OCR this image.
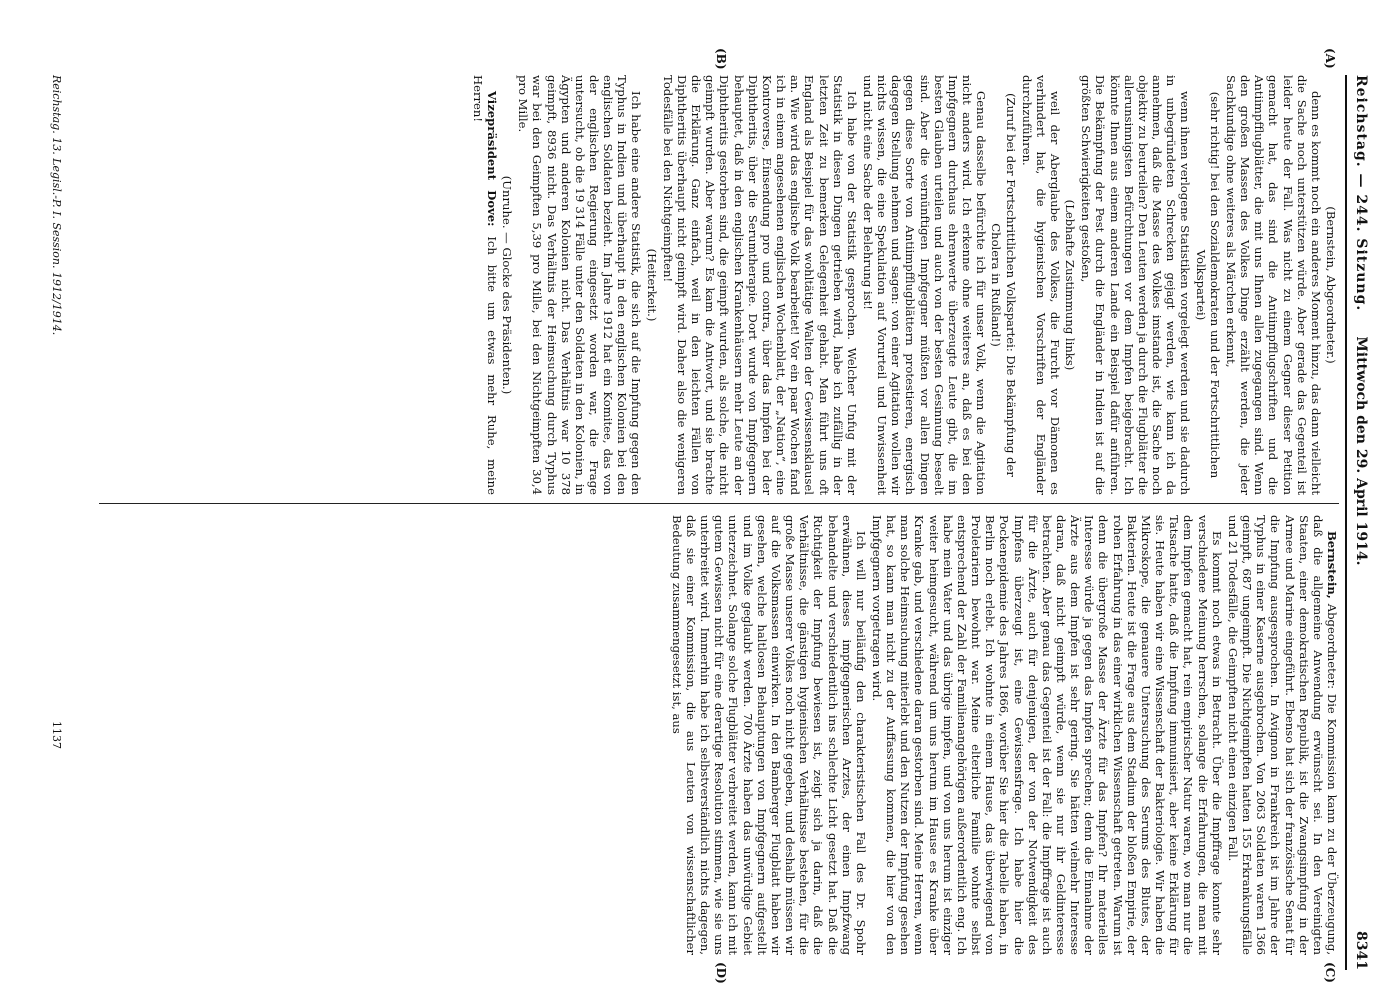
Reichstag. — 244. Sitzung.
Mittwoch den 29. April 1914.                                                                           8341
(A)
(B)
(C)
(D)

(Bernstein, Abgeordneter.)

denn es kommt noch ein anderes Moment hinzu, das dann vielleicht die Sache noch unterstützen würde. Aber gerade das Gegenteil ist leider heute der Fall. Was nicht zu einem Gegner dieser Petition gemacht hat, das sind die Antiimpfflugschriften und die Antiimpfflugblätter, die mit uns Ihnen allen zugegangen sind. Wenn den großen Massen des Volkes Dinge erzählt werden, die jeder Sachkundige ohne weiteres als Märchen erkennt,

(sehr richtig! bei den Sozialdemokraten und der Fortschrittlichen Volkspartei)

wenn ihnen verlogene Statistiken vorgelegt werden und sie dadurch in unbegründeten Schrecken gejagt werden, wie kann ich da annehmen, daß die Masse des Volkes imstande ist, die Sache noch objektiv zu beurteilen? Den Leuten werden ja durch die Flugblätter die allerunsinnigsten Befürchtungen vor dem Impfen beigebracht. Ich könnte Ihnen aus einem anderen Lande ein Beispiel dafür anführen. Die Bekämpfung der Pest durch die Engländer in Indien ist auf die größten Schwierigkeiten gestoßen,

(Lebhafte Zustimmung links)

weil der Aberglaube des Volkes, die Furcht vor Dämonen es verhindert hat, die hygienischen Vorschriften der Engländer durchzuführen.

(Zuruf bei der Fortschrittlichen Volkspartei: Die Bekämpfung der Cholera in Rußland!)

Genau dasselbe befürchte ich für unser Volk, wenn die Agitation nicht anders wird. Ich erkenne ohne weiteres an, daß es bei den Impfgegnern durchaus ehrenwerte überzeugte Leute gibt, die im besten Glauben urteilen und auch von der besten Gesinnung beseelt sind. Aber die vernünftigen Impfgegner müßten vor allen Dingen gegen diese Sorte von Antiimpfflugblättern protestieren, energisch dagegen Stellung nehmen und sagen: von einer Agitation wollen wir nichts wissen, die eine Spekulation auf Vorurteil und Unwissenheit und nicht eine Sache der Belehrung ist!

Ich habe von der Statistik gesprochen. Welcher Unfug mit der Statistik in diesen Dingen getrieben wird, habe ich zufällig in der letzten Zeit zu bemerken Gelegenheit gehabt. Man führt uns oft England als Beispiel für das wohltätige Walten der Gewissensklausel an. Wie wird das englische Volk bearbeitet! Vor ein paar Wochen fand ich in einem angesehenen englischen Wochenblatt, der „Nation“, eine Kontroverse, Einsendung pro und contra, über das Impfen bei der Diphtheritis, über die Serumtherapie. Dort wurde von Impfgegnern behauptet, daß in den englischen Krankenhäusern mehr Leute an der Diphtheritis gestorben sind, die geimpft wurden, als solche, die nicht geimpft wurden. Aber warum? Es kam die Antwort, und sie brachte die Erklärung. Ganz einfach, weil in den leichten Fällen von Diphtheritis überhaupt nicht geimpft wird. Daher also die wenigeren Todesfälle bei den Nichtgeimpften!

(Heiterkeit.)

Ich habe eine andere Statistik, die sich auf die Impfung gegen den Typhus in Indien und überhaupt in den englischen Kolonien bei den englischen Soldaten bezieht. Im Jahre 1912 hat ein Komitee, das von der englischen Regierung eingesetzt worden war, die Frage untersucht, ob die 19 314 Fälle unter den Soldaten in den Kolonien, in Ägypten und anderen Kolonien nicht. Das Verhältnis war 10 378 geimpft, 8936 nicht. Das Verhältnis der Heimsuchung durch Typhus war bei den Geimpften 5,39 pro Mille, bei den Nichtgeimpften 30,4 pro Mille.

(Unruhe. — Glocke des Präsidenten.)

Vizepräsident Dove: Ich bitte um etwas mehr Ruhe, meine Herren!

Bernstein, Abgeordneter: Die Kommission kann zu der Überzeugung, daß die allgemeine Anwendung erwünscht sei. In den Vereinigten Staaten, einer demokratischen Republik, ist die Zwangsimpfung in der Armee und Marine eingeführt. Ebenso hat sich der französische Senat für die Impfung ausgesprochen. In Avignon in Frankreich ist im Jahre der Typhus in einer Kaserne ausgebrochen. Von 2063 Soldaten waren 1366 geimpft, 687 ungeimpft. Die Nichtgeimpften hatten 155 Erkrankungsfälle und 21 Todesfälle, die Geimpften nicht einen einzigen Fall.

Es kommt noch etwas in Betracht. Über die Impffrage konnte sehr verschiedene Meinung herrschen, solange die Erfahrungen, die man mit dem Impfen gemacht hat, rein empirischer Natur waren, wo man nur die Tatsache hatte, daß die Impfung immunisiert, aber keine Erklärung für sie. Heute haben wir eine Wissenschaft der Bakteriologie. Wir haben die Mikroskope, die genauere Untersuchung des Serums des Blutes, der Bakterien. Heute ist die Frage aus dem Stadium der bloßen Empirie, der rohen Erfahrung in das einer wirklichen Wissenschaft getreten. Warum ist denn die übergroße Masse der Ärzte für das Impfen? Ihr materielles Interesse würde ja gegen das Impfen sprechen; denn die Einnahme der Ärzte aus dem Impfen ist sehr gering. Sie hätten vielmehr Interesse daran, daß nicht geimpft würde, wenn sie nur ihr Geldinteresse betrachten. Aber genau das Gegenteil ist der Fall: die Impffrage ist auch für die Ärzte, auch für denjenigen, der von der Notwendigkeit des Impfens überzeugt ist, eine Gewissensfrage. Ich habe hier die Pockenepidemie des Jahres 1866, worüber Sie hier die Tabelle haben, in Berlin noch erlebt. Ich wohnte in einem Hause, das überwiegend von Proletariern bewohnt war. Meine elterliche Familie wohnte selbst entsprechend der Zahl der Familienangehörigen außerordentlich eng. Ich habe mein Vater und das übrige impfen, und von uns herum ist einziger weiter heimgesucht, während um uns herum im Hause es Kranke über Kranke gab, und verschiedene daran gestorben sind. Meine Herren, wenn man solche Heimsuchung miterlebt und den Nutzen der Impfung gesehen hat, so kann man nicht zu der Auffassung kommen, die hier von den Impfgegnern vorgetragen wird.

Ich will nur beiläufig den charakteristischen Fall des Dr. Spohr erwähnen, dieses impfgegnerischen Arztes, der einen Impfzwang behandelte und verschiedentlich ins schlechte Licht gesetzt hat. Daß die Richtigkeit der Impfung bewiesen ist, zeigt sich ja darin, daß die Verhältnisse, die gänstigen hygienischen Verhältnisse bestehen, für die große Masse unserer Volkes noch nicht gegeben, und deshalb müssen wir auf die Volksmassen einwirken. In den Bamberger Flugblatt haben wir gesehen, welche haltlosen Behauptungen von Impfgegnern aufgestellt und im Volke geglaubt werden. 700 Ärzte haben das unwürdige Gebiet unterzeichnet. Solange solche Flugblätter verbreitet werden, kann ich mit gutem Gewissen nicht für eine derartige Resolution stimmen, wie sie uns unterbreitet wird. Immerhin habe ich selbstverständlich nichts dagegen, daß sie einer Kommission, die aus Leuten von wissenschaftlicher Bedeutung zusammengesetzt ist, aus

Reichstag. 13. Legisl.-P. I. Session. 1912/1914.
1137
